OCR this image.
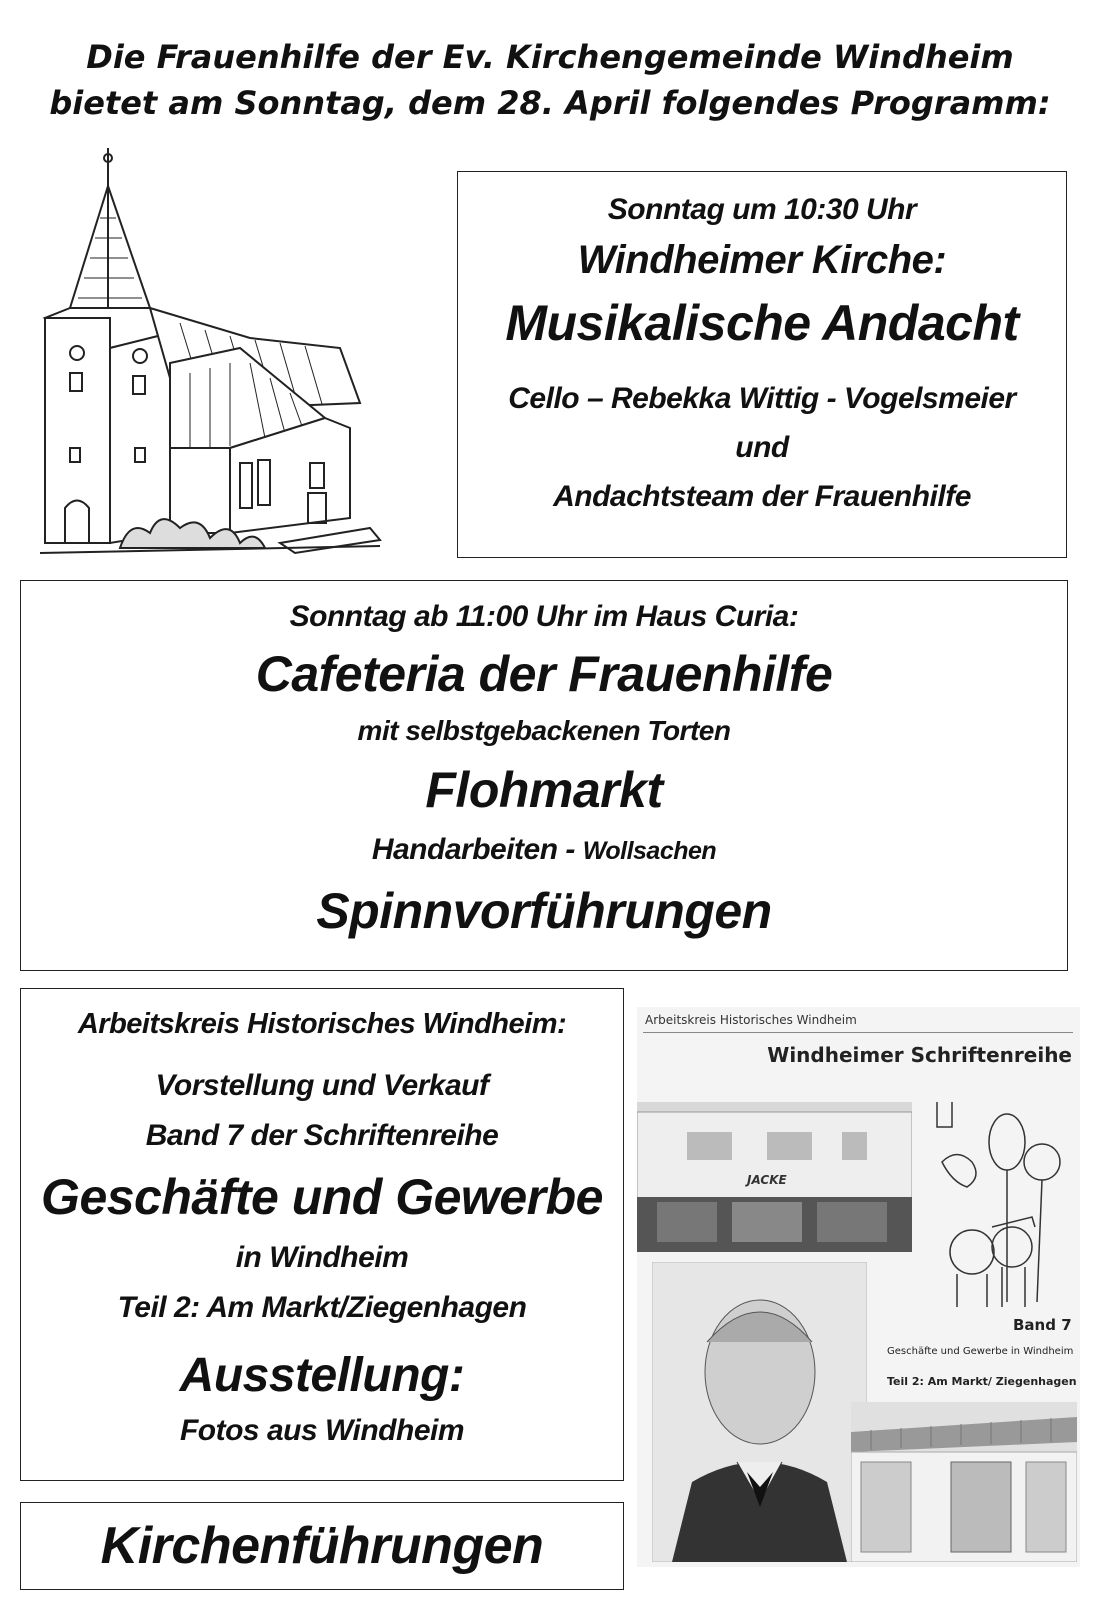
Die Frauenhilfe der Ev. Kirchengemeinde Windheim
bietet am Sonntag, dem 28. April folgendes Programm:
Sonntag um 10:30 Uhr
Windheimer Kirche:
Musikalische Andacht
Cello – Rebekka Wittig - Vogelsmeier
und
Andachtsteam der Frauenhilfe
Sonntag ab 11:00 Uhr im Haus Curia:
Cafeteria der Frauenhilfe
mit selbstgebackenen Torten
Flohmarkt
Handarbeiten - Wollsachen
Spinnvorführungen
Arbeitskreis Historisches Windheim:
Vorstellung und Verkauf
Band 7 der Schriftenreihe
Geschäfte und Gewerbe
in Windheim
Teil 2: Am Markt/Ziegenhagen
Ausstellung:
Fotos aus Windheim
Kirchenführungen
Arbeitskreis Historisches Windheim
Windheimer Schriftenreihe
JACKE
Band 7
Geschäfte und Gewerbe in Windheim
Teil 2: Am Markt/ Ziegenhagen
